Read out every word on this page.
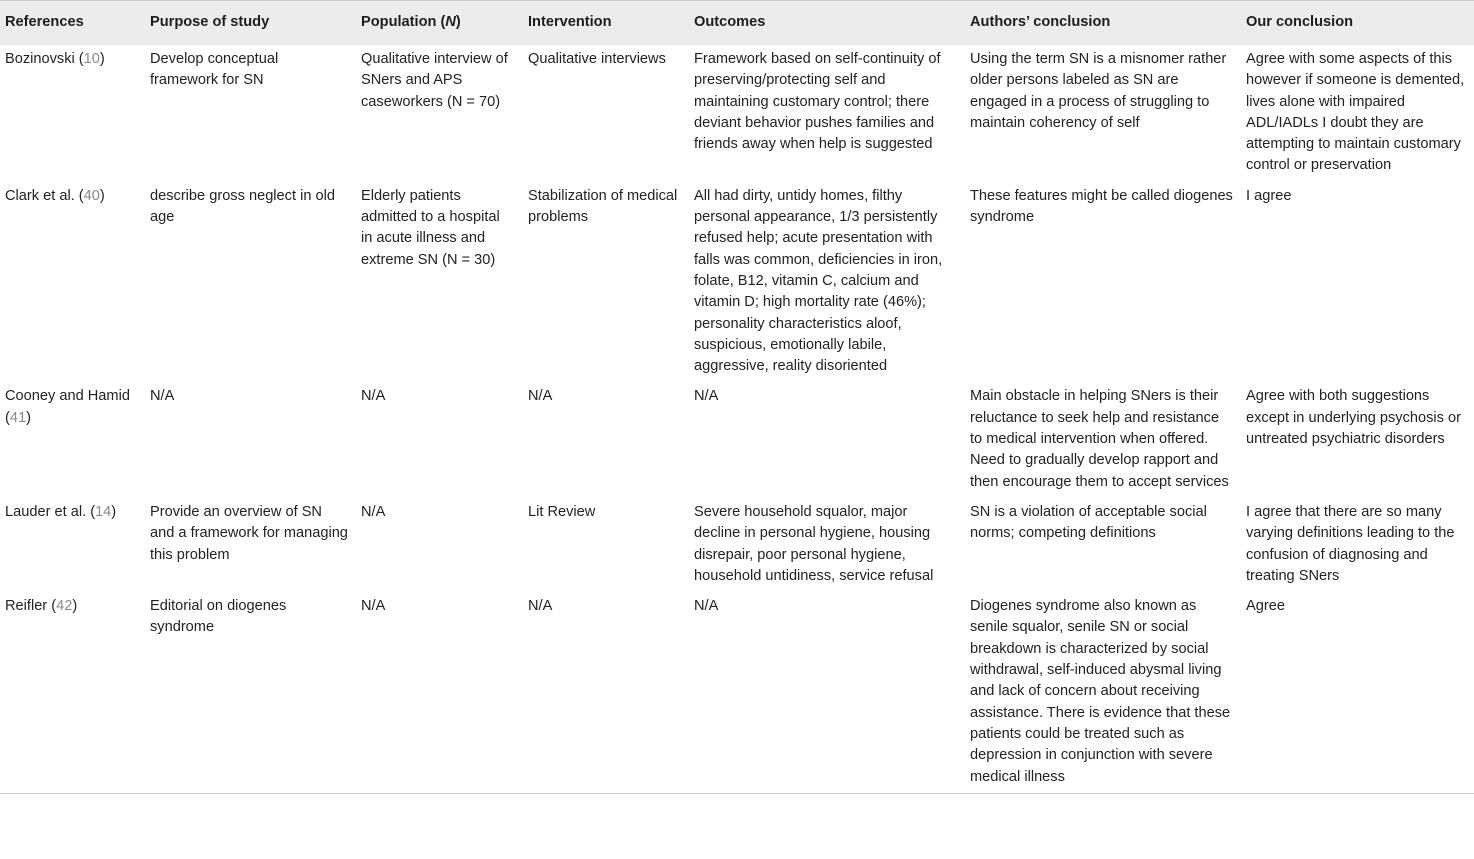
References	Purpose of study	Population (N)	Intervention	Outcomes	Authors’ conclusion	Our conclusion
Bozinovski (10)	Develop conceptual framework for SN	Qualitative interview of SNers and APS caseworkers (N = 70)	Qualitative interviews	Framework based on self-continuity of preserving/protecting self and maintaining customary control; there deviant behavior pushes families and friends away when help is suggested	Using the term SN is a misnomer rather older persons labeled as SN are engaged in a process of struggling to maintain coherency of self	Agree with some aspects of this however if someone is demented, lives alone with impaired ADL/IADLs I doubt they are attempting to maintain customary control or preservation
Clark et al. (40)	describe gross neglect in old age	Elderly patients admitted to a hospital in acute illness and extreme SN (N = 30)	Stabilization of medical problems	All had dirty, untidy homes, filthy personal appearance, 1/3 persistently refused help; acute presentation with falls was common, deficiencies in iron, folate, B12, vitamin C, calcium and vitamin D; high mortality rate (46%); personality characteristics aloof, suspicious, emotionally labile, aggressive, reality disoriented	These features might be called diogenes syndrome	I agree
Cooney and Hamid (41)	N/A	N/A	N/A	N/A	Main obstacle in helping SNers is their reluctance to seek help and resistance to medical intervention when offered. Need to gradually develop rapport and then encourage them to accept services	Agree with both suggestions except in underlying psychosis or untreated psychiatric disorders
Lauder et al. (14)	Provide an overview of SN and a framework for managing this problem	N/A	Lit Review	Severe household squalor, major decline in personal hygiene, housing disrepair, poor personal hygiene, household untidiness, service refusal	SN is a violation of acceptable social norms; competing definitions	I agree that there are so many varying definitions leading to the confusion of diagnosing and treating SNers
Reifler (42)	Editorial on diogenes syndrome	N/A	N/A	N/A	Diogenes syndrome also known as senile squalor, senile SN or social breakdown is characterized by social withdrawal, self-induced abysmal living and lack of concern about receiving assistance. There is evidence that these patients could be treated such as depression in conjunction with severe medical illness	Agree
